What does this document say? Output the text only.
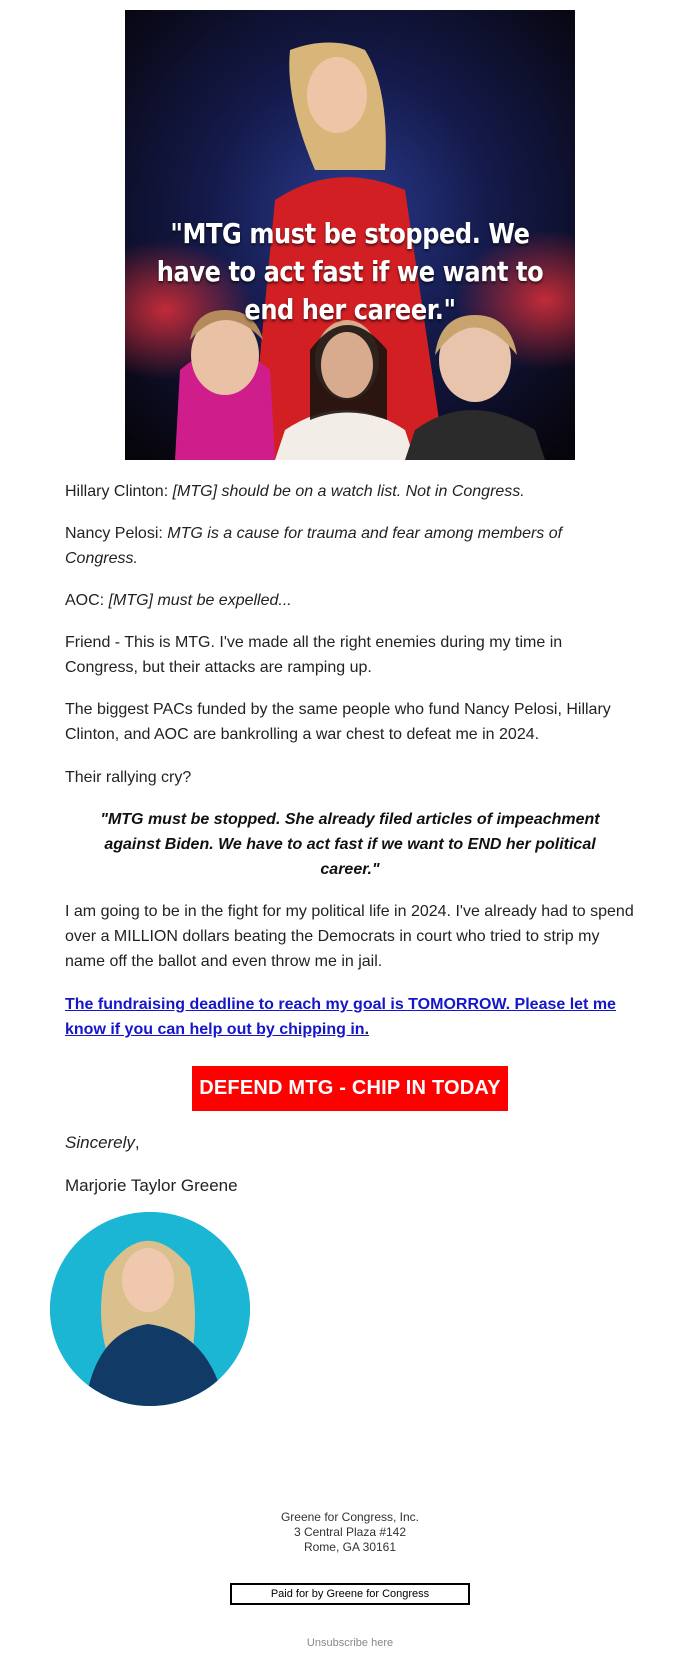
"MTG must be stopped. We
have to act fast if we want to
end her career."

Hillary Clinton: [MTG] should be on a watch list. Not in Congress.

Nancy Pelosi: MTG is a cause for trauma and fear among members of Congress.

AOC: [MTG] must be expelled...

Friend - This is MTG. I've made all the right enemies during my time in Congress, but their attacks are ramping up.

The biggest PACs funded by the same people who fund Nancy Pelosi, Hillary Clinton, and AOC are bankrolling a war chest to defeat me in 2024.

Their rallying cry?

"MTG must be stopped. She already filed articles of impeachment against Biden. We have to act fast if we want to END her political career."

I am going to be in the fight for my political life in 2024. I've already had to spend over a MILLION dollars beating the Democrats in court who tried to strip my name off the ballot and even throw me in jail.

The fundraising deadline to reach my goal is TOMORROW. Please let me know if you can help out by chipping in.
DEFEND MTG - CHIP IN TODAY
Sincerely,
Marjorie Taylor Greene
Greene for Congress, Inc.
3 Central Plaza #142
Rome, GA 30161
Paid for by Greene for Congress
Unsubscribe here
